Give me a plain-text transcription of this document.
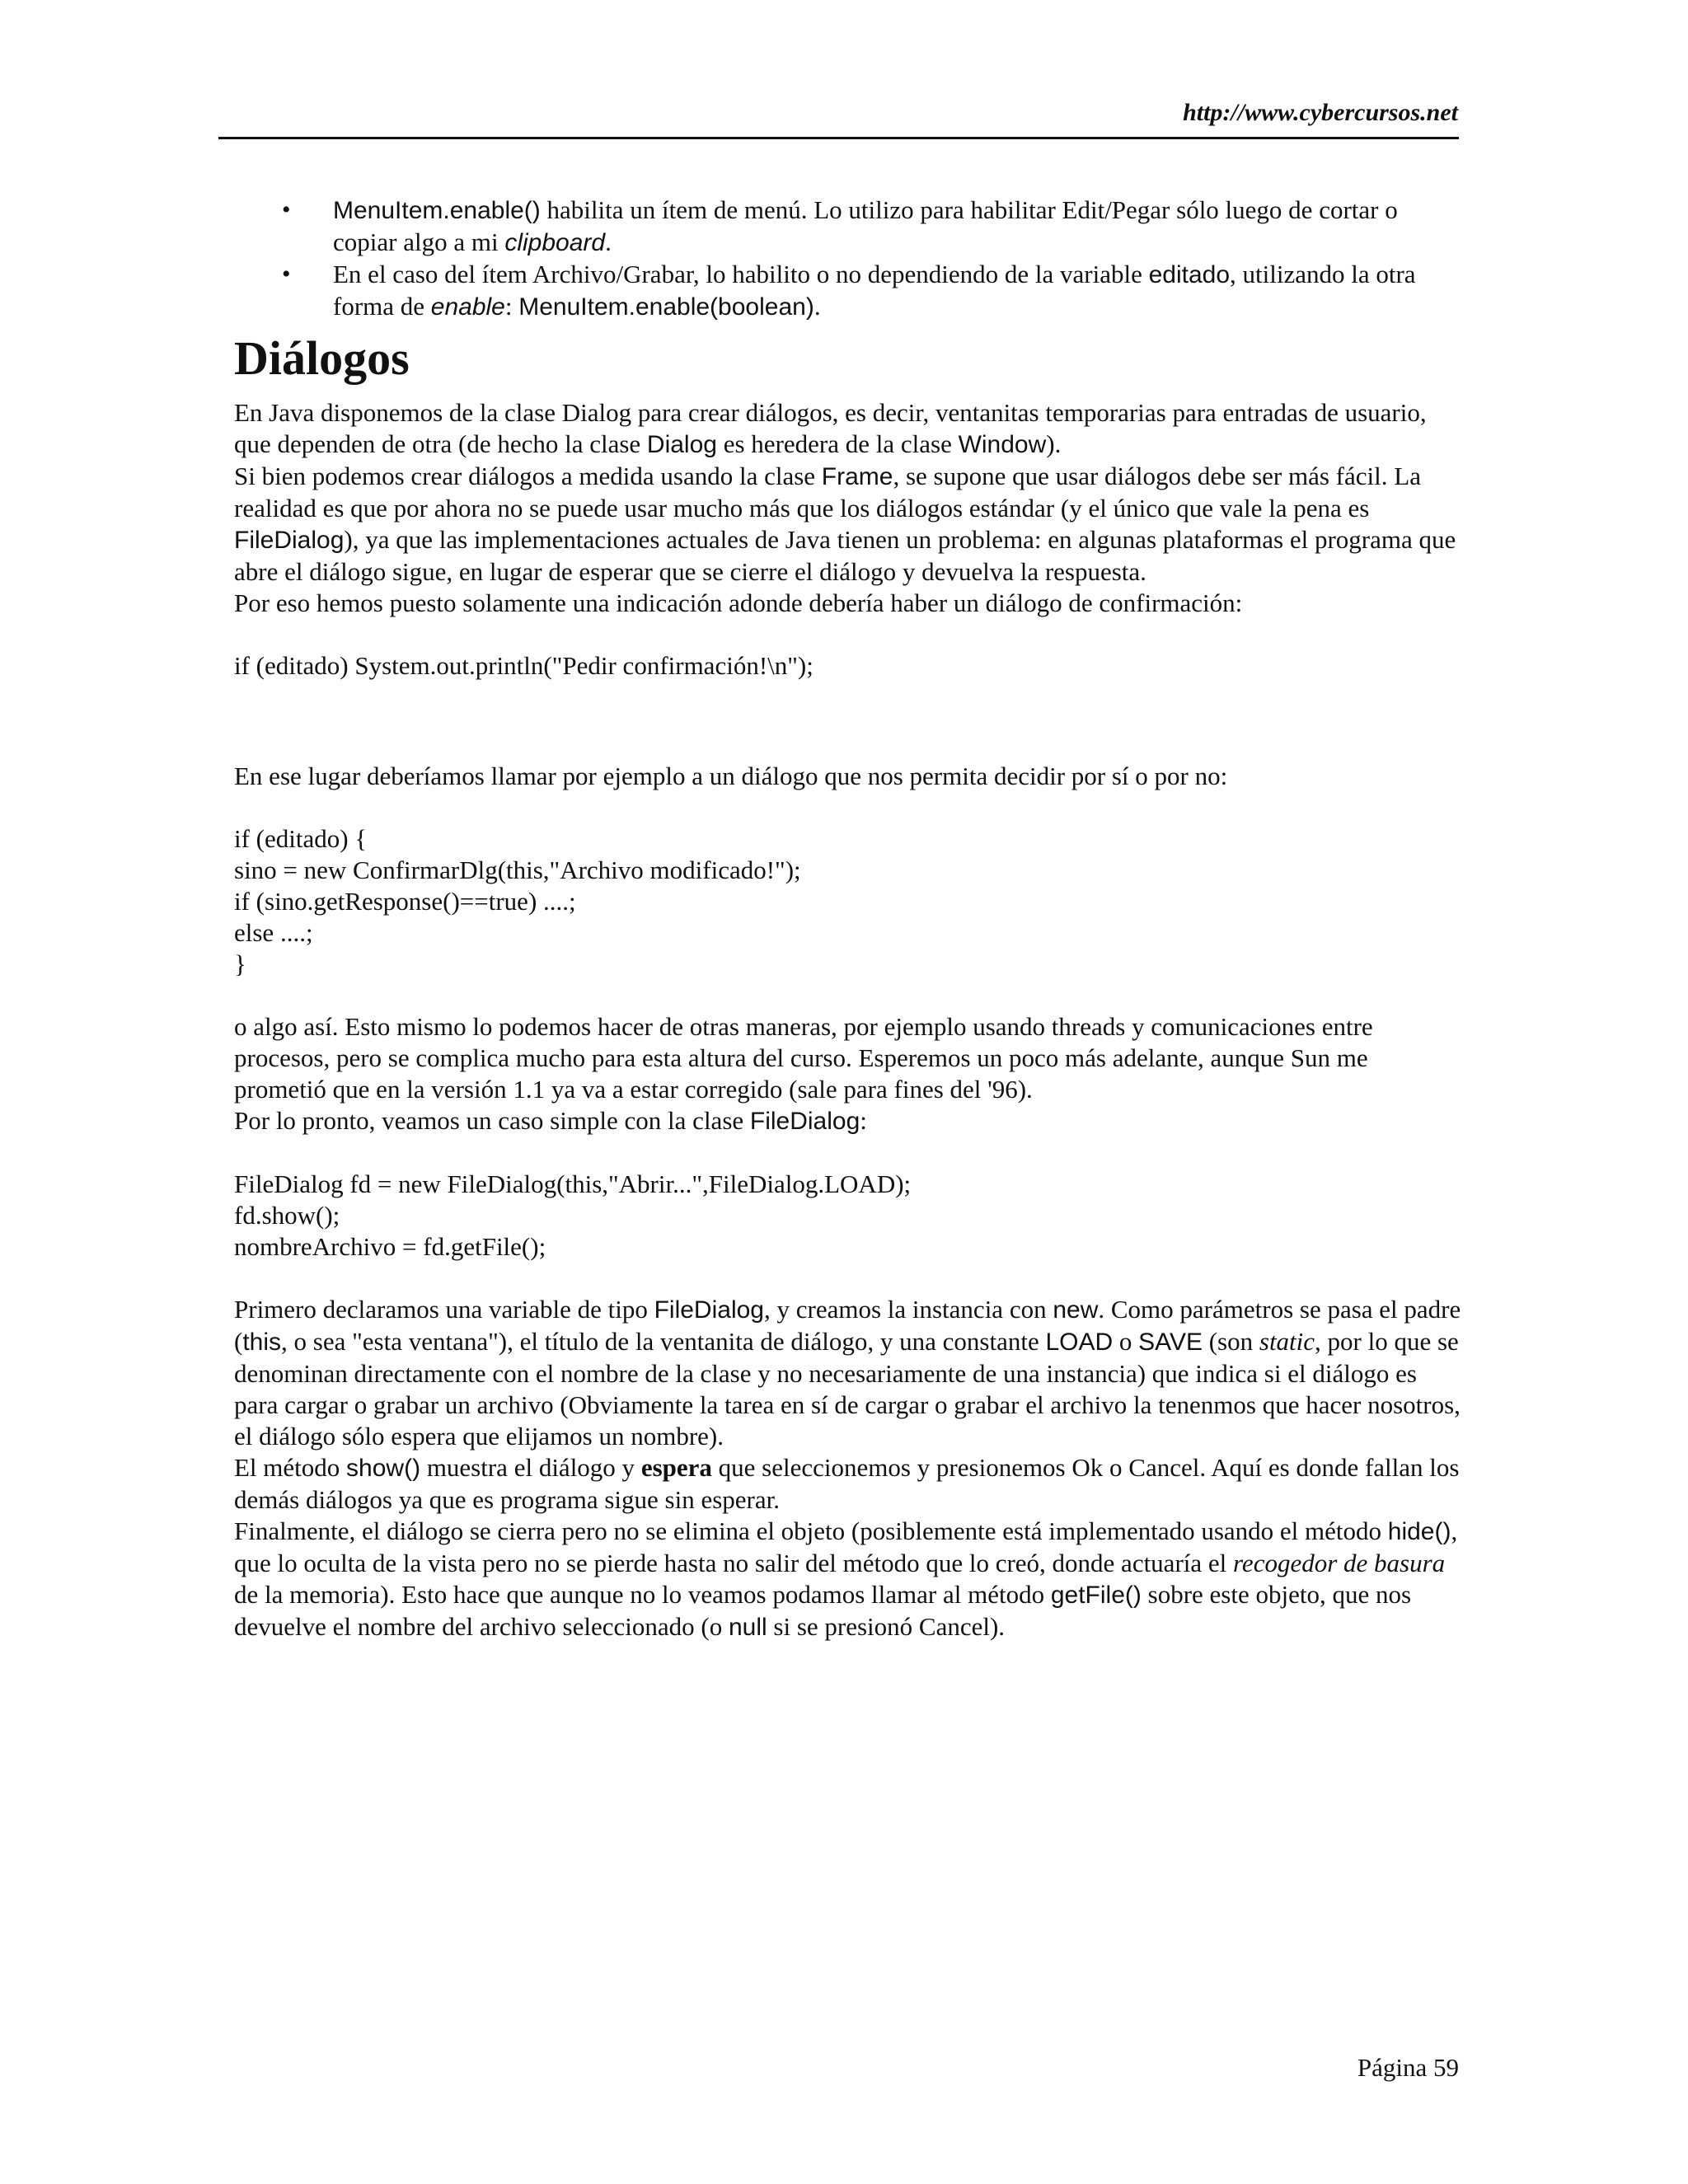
http://www.cybercursos.net
• MenuItem.enable() habilita un ítem de menú. Lo utilizo para habilitar Edit/Pegar sólo luego de cortar o copiar algo a mi clipboard.
• En el caso del ítem Archivo/Grabar, lo habilito o no dependiendo de la variable editado, utilizando la otra forma de enable: MenuItem.enable(boolean).
Diálogos

En Java disponemos de la clase Dialog para crear diálogos, es decir, ventanitas temporarias para entradas de usuario, que dependen de otra (de hecho la clase Dialog es heredera de la clase Window).

Si bien podemos crear diálogos a medida usando la clase Frame, se supone que usar diálogos debe ser más fácil. La realidad es que por ahora no se puede usar mucho más que los diálogos estándar (y el único que vale la pena es FileDialog), ya que las implementaciones actuales de Java tienen un problema: en algunas plataformas el programa que abre el diálogo sigue, en lugar de esperar que se cierre el diálogo y devuelva la respuesta.

Por eso hemos puesto solamente una indicación adonde debería haber un diálogo de confirmación:

if (editado) System.out.println("Pedir confirmación!\n");

En ese lugar deberíamos llamar por ejemplo a un diálogo que nos permita decidir por sí o por no:

if (editado) {

sino = new ConfirmarDlg(this,"Archivo modificado!");

if (sino.getResponse()==true) ....;

else ....;

}

o algo así. Esto mismo lo podemos hacer de otras maneras, por ejemplo usando threads y comunicaciones entre procesos, pero se complica mucho para esta altura del curso. Esperemos un poco más adelante, aunque Sun me prometió que en la versión 1.1 ya va a estar corregido (sale para fines del '96).

Por lo pronto, veamos un caso simple con la clase FileDialog:

FileDialog fd = new FileDialog(this,"Abrir...",FileDialog.LOAD);

fd.show();

nombreArchivo = fd.getFile();

Primero declaramos una variable de tipo FileDialog, y creamos la instancia con new. Como parámetros se pasa el padre (this, o sea "esta ventana"), el título de la ventanita de diálogo, y una constante LOAD o SAVE (son static, por lo que se denominan directamente con el nombre de la clase y no necesariamente de una instancia) que indica si el diálogo es para cargar o grabar un archivo (Obviamente la tarea en sí de cargar o grabar el archivo la tenenmos que hacer nosotros, el diálogo sólo espera que elijamos un nombre).

El método show() muestra el diálogo y espera que seleccionemos y presionemos Ok o Cancel. Aquí es donde fallan los demás diálogos ya que es programa sigue sin esperar.

Finalmente, el diálogo se cierra pero no se elimina el objeto (posiblemente está implementado usando el método hide(), que lo oculta de la vista pero no se pierde hasta no salir del método que lo creó, donde actuaría el recogedor de basura de la memoria). Esto hace que aunque no lo veamos podamos llamar al método getFile() sobre este objeto, que nos devuelve el nombre del archivo seleccionado (o null si se presionó Cancel).

Página 59
